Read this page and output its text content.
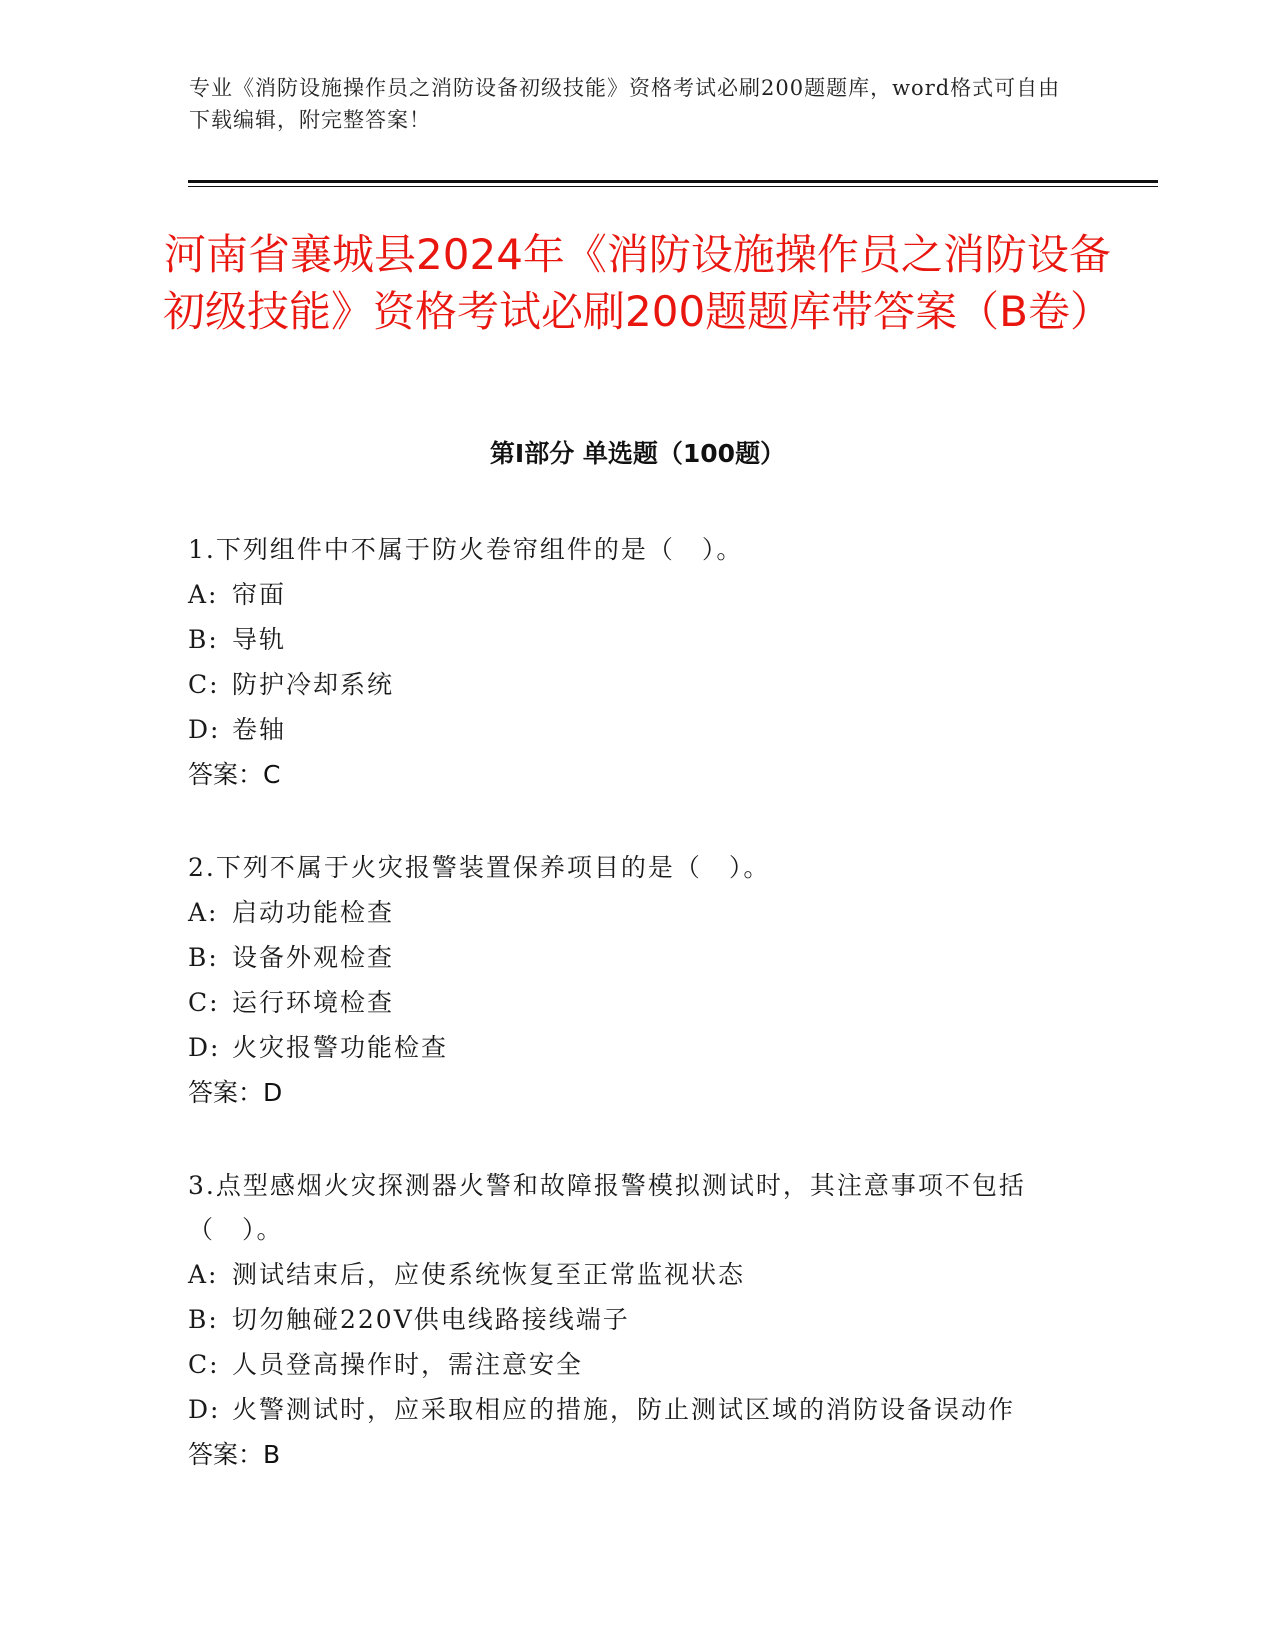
专业《消防设施操作员之消防设备初级技能》资格考试必刷200题题库，word格式可自由下载编辑，附完整答案！
河南省襄城县2024年《消防设施操作员之消防设备初级技能》资格考试必刷200题题库带答案（B卷）
第Ⅰ部分 单选题（100题）

1.下列组件中不属于防火卷帘组件的是（　）。

A: 帘面

B: 导轨

C: 防护冷却系统

D: 卷轴

答案：C

2.下列不属于火灾报警装置保养项目的是（　）。

A: 启动功能检查

B: 设备外观检查

C: 运行环境检查

D: 火灾报警功能检查

答案：D

3.点型感烟火灾探测器火警和故障报警模拟测试时，其注意事项不包括（　）。

A: 测试结束后，应使系统恢复至正常监视状态

B: 切勿触碰220V供电线路接线端子

C: 人员登高操作时，需注意安全

D: 火警测试时，应采取相应的措施，防止测试区域的消防设备误动作

答案：B
